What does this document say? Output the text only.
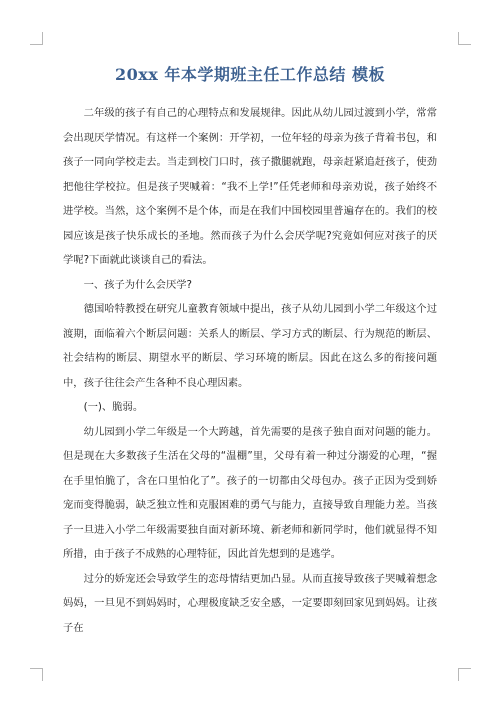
20xx 年本学期班主任工作总结 模板

二年级的孩子有自己的心理特点和发展规律。因此从幼儿园过渡到小学，常常会出现厌学情况。有这样一个案例：开学初，一位年轻的母亲为孩子背着书包，和孩子一同向学校走去。当走到校门口时，孩子撒腿就跑，母亲赶紧追赶孩子，使劲把他往学校拉。但是孩子哭喊着：“我不上学!”任凭老师和母亲劝说，孩子始终不进学校。当然，这个案例不是个体，而是在我们中国校园里普遍存在的。我们的校园应该是孩子快乐成长的圣地。然而孩子为什么会厌学呢?究竟如何应对孩子的厌学呢?下面就此谈谈自己的看法。

一、孩子为什么会厌学?

德国哈特教授在研究儿童教育领域中提出，孩子从幼儿园到小学二年级这个过渡期，面临着六个断层问题：关系人的断层、学习方式的断层、行为规范的断层、社会结构的断层、期望水平的断层、学习环境的断层。因此在这么多的衔接问题中，孩子往往会产生各种不良心理因素。

(一)、脆弱。

幼儿园到小学二年级是一个大跨越，首先需要的是孩子独自面对问题的能力。但是现在大多数孩子生活在父母的“温棚”里，父母有着一种过分溺爱的心理，“握在手里怕脆了，含在口里怕化了”。孩子的一切都由父母包办。孩子正因为受到娇宠而变得脆弱，缺乏独立性和克服困难的勇气与能力，直接导致自理能力差。当孩子一旦进入小学二年级需要独自面对新环境、新老师和新同学时，他们就显得不知所措，由于孩子不成熟的心理特征，因此首先想到的是逃学。

过分的娇宠还会导致学生的恋母情结更加凸显。从而直接导致孩子哭喊着想念妈妈，一旦见不到妈妈时，心理极度缺乏安全感，一定要即刻回家见到妈妈。让孩子在
